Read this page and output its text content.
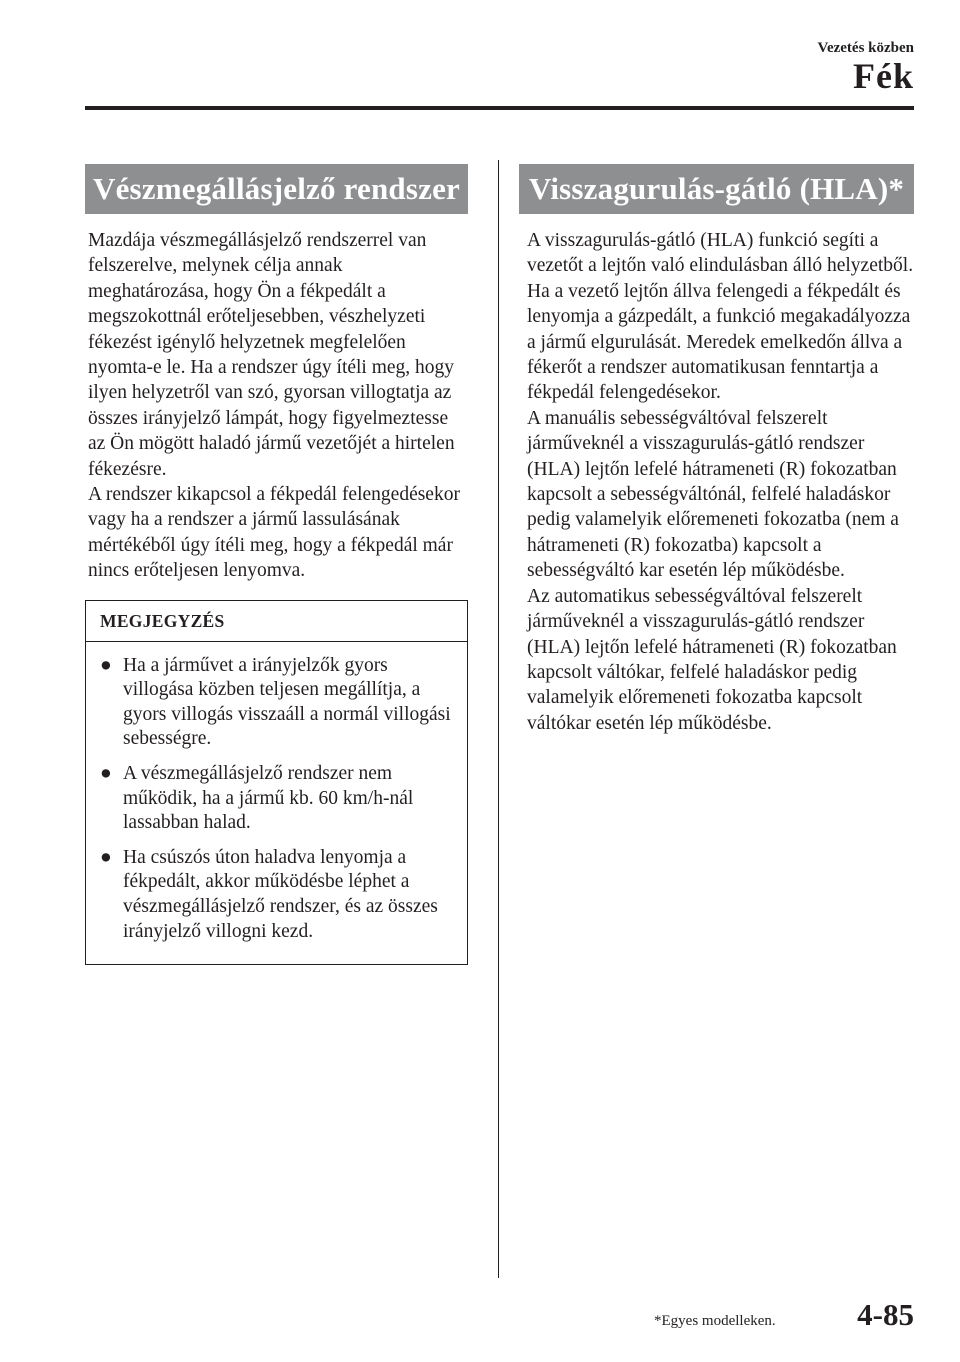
Vezetés közben
Fék
Vészmegállásjelző rendszer

Mazdája vészmegállásjelző rendszerrel van felszerelve, melynek célja annak meghatározása, hogy Ön a fékpedált a megszokottnál erőteljesebben, vészhelyzeti fékezést igénylő helyzetnek megfelelően nyomta-e le. Ha a rendszer úgy ítéli meg, hogy ilyen helyzetről van szó, gyorsan villogtatja az összes irányjelző lámpát, hogy figyelmeztesse az Ön mögött haladó jármű vezetőjét a hirtelen fékezésre.

A rendszer kikapcsol a fékpedál felengedésekor vagy ha a rendszer a jármű lassulásának mértékéből úgy ítéli meg, hogy a fékpedál már nincs erőteljesen lenyomva.

MEGJEGYZÉS
● Ha a járművet a irányjelzők gyors villogása közben teljesen megállítja, a gyors villogás visszaáll a normál villogási sebességre.
● A vészmegállásjelző rendszer nem működik, ha a jármű kb. 60 km/h-nál lassabban halad.
● Ha csúszós úton haladva lenyomja a fékpedált, akkor működésbe léphet a vészmegállásjelző rendszer, és az összes irányjelző villogni kezd.
Visszagurulás-gátló (HLA)*

A visszagurulás-gátló (HLA) funkció segíti a vezetőt a lejtőn való elindulásban álló helyzetből. Ha a vezető lejtőn állva felengedi a fékpedált és lenyomja a gázpedált, a funkció megakadályozza a jármű elgurulását. Meredek emelkedőn állva a fékerőt a rendszer automatikusan fenntartja a fékpedál felengedésekor.

A manuális sebességváltóval felszerelt járműveknél a visszagurulás-gátló rendszer (HLA) lejtőn lefelé hátrameneti (R) fokozatban kapcsolt a sebességváltónál, felfelé haladáskor pedig valamelyik előremeneti fokozatba (nem a hátrameneti (R) fokozatba) kapcsolt a sebességváltó kar esetén lép működésbe.

Az automatikus sebességváltóval felszerelt járműveknél a visszagurulás-gátló rendszer (HLA) lejtőn lefelé hátrameneti (R) fokozatban kapcsolt váltókar, felfelé haladáskor pedig valamelyik előremeneti fokozatba kapcsolt váltókar esetén lép működésbe.

*Egyes modelleken.	4-85
